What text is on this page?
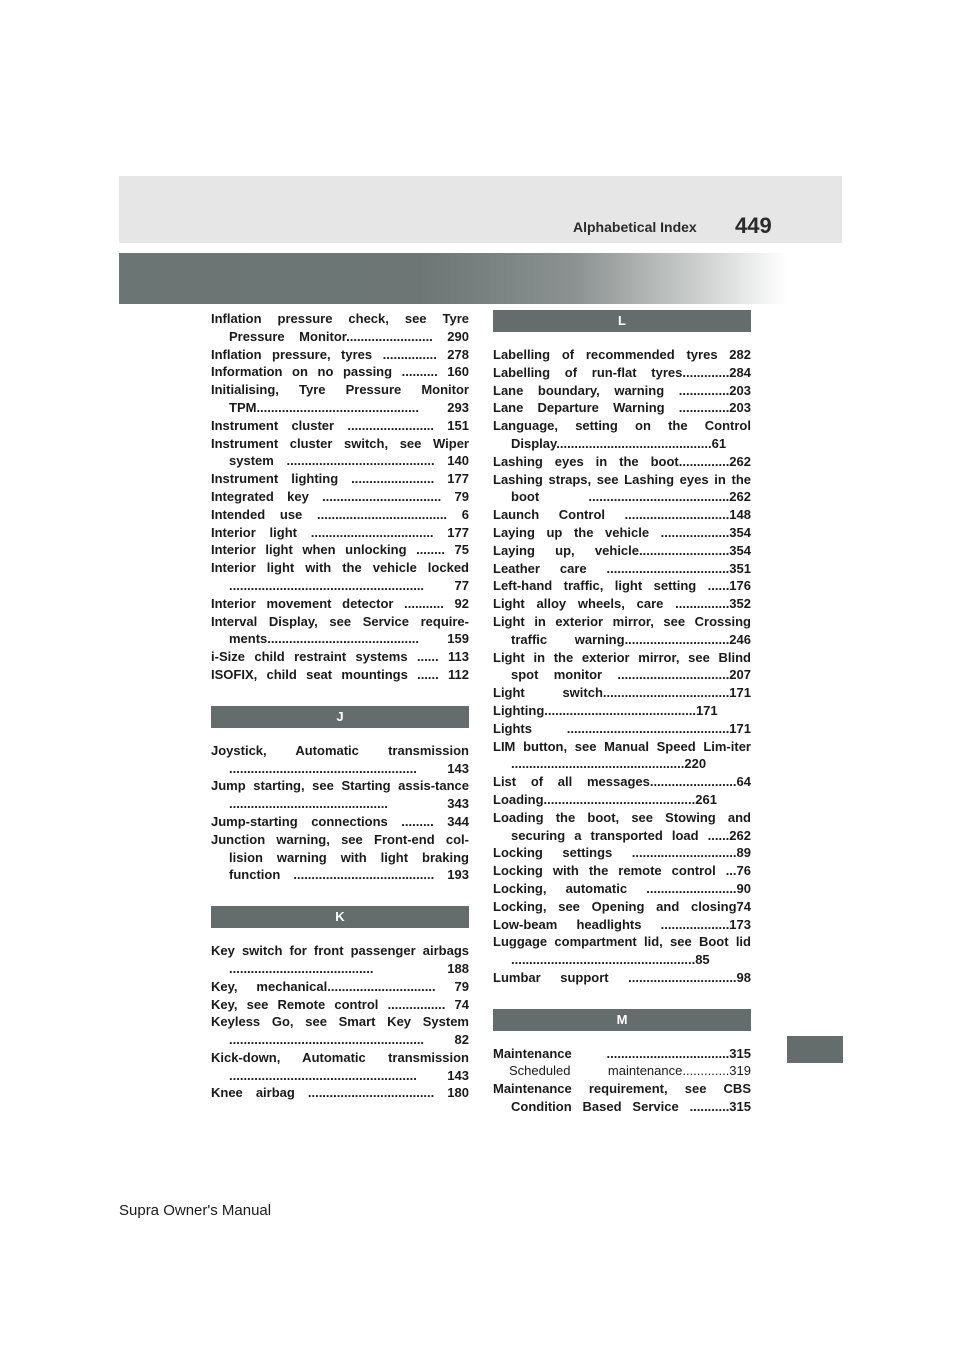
Alphabetical Index 449
Inflation pressure check, see Tyre Pressure Monitor........................ 290
Inflation pressure, tyres ............... 278
Information on no passing .......... 160
Initialising, Tyre Pressure Monitor TPM............................................. 293
Instrument cluster ........................ 151
Instrument cluster switch, see Wiper system ......................................... 140
Instrument lighting ....................... 177
Integrated key ................................. 79
Intended use .................................... 6
Interior light .................................. 177
Interior light when unlocking ........ 75
Interior light with the vehicle locked ...................................................... 77
Interior movement detector ........... 92
Interval Display, see Service require-ments.......................................... 159
i-Size child restraint systems ...... 113
ISOFIX, child seat mountings ...... 112
J
Joystick, Automatic transmission .................................................... 143
Jump starting, see Starting assis-tance ............................................ 343
Jump-starting connections ......... 344
Junction warning, see Front-end col-lision warning with light braking function ....................................... 193
K
Key switch for front passenger airbags ........................................ 188
Key, mechanical.............................. 79
Key, see Remote control ................ 74
Keyless Go, see Smart Key System ...................................................... 82
Kick-down, Automatic transmission .................................................... 143
Knee airbag ................................... 180
L
Labelling of recommended tyres 282
Labelling of run-flat tyres.............284
Lane boundary, warning ..............203
Lane Departure Warning ..............203
Language, setting on the Control Display...........................................61
Lashing eyes in the boot..............262
Lashing straps, see Lashing eyes in the boot .......................................262
Launch Control .............................148
Laying up the vehicle ...................354
Laying up, vehicle.........................354
Leather care ..................................351
Left-hand traffic, light setting ......176
Light alloy wheels, care ...............352
Light in exterior mirror, see Crossing traffic warning.............................246
Light in the exterior mirror, see Blind spot monitor ...............................207
Light switch...................................171
Lighting..........................................171
Lights .............................................171
LIM button, see Manual Speed Lim-iter ................................................220
List of all messages........................64
Loading..........................................261
Loading the boot, see Stowing and securing a transported load ......262
Locking settings .............................89
Locking with the remote control ...76
Locking, automatic .........................90
Locking, see Opening and closing74
Low-beam headlights ...................173
Luggage compartment lid, see Boot lid ...................................................85
Lumbar support ..............................98
M
Maintenance ..................................315
Scheduled maintenance.............319
Maintenance requirement, see CBS Condition Based Service ...........315
Supra Owner's Manual
